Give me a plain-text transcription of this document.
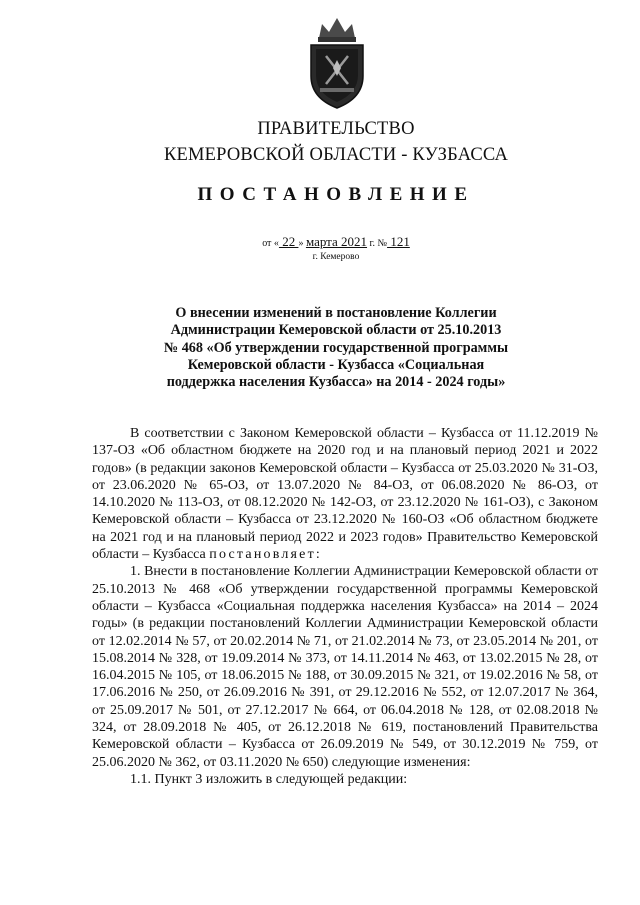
ПРАВИТЕЛЬСТВО
КЕМЕРОВСКОЙ ОБЛАСТИ - КУЗБАССА
ПОСТАНОВЛЕНИЕ
от « 22 » марта 2021 г. № 121
г. Кемерово
О внесении изменений в постановление Коллегии
Администрации Кемеровской области от 25.10.2013
№ 468 «Об утверждении государственной программы
Кемеровской области - Кузбасса «Социальная
поддержка населения Кузбасса» на 2014 - 2024 годы»

В соответствии с Законом Кемеровской области – Кузбасса от 11.12.2019 № 137-ОЗ «Об областном бюджете на 2020 год и на плановый период 2021 и 2022 годов» (в редакции законов Кемеровской области – Кузбасса от 25.03.2020 № 31-ОЗ, от 23.06.2020 № 65-ОЗ, от 13.07.2020 № 84-ОЗ, от 06.08.2020 № 86-ОЗ, от 14.10.2020 № 113-ОЗ, от 08.12.2020 № 142-ОЗ, от 23.12.2020 № 161-ОЗ), с Законом Кемеровской области – Кузбасса от 23.12.2020 № 160-ОЗ «Об областном бюджете на 2021 год и на плановый период 2022 и 2023 годов» Правительство Кемеровской области – Кузбасса постановляет:

1. Внести в постановление Коллегии Администрации Кемеровской области от 25.10.2013 № 468 «Об утверждении государственной программы Кемеровской области – Кузбасса «Социальная поддержка населения Кузбасса» на 2014 – 2024 годы» (в редакции постановлений Коллегии Администрации Кемеровской области от 12.02.2014 № 57, от 20.02.2014 № 71, от 21.02.2014 № 73, от 23.05.2014 № 201, от 15.08.2014 № 328, от 19.09.2014 № 373, от 14.11.2014 № 463, от 13.02.2015 № 28, от 16.04.2015 № 105, от 18.06.2015 № 188, от 30.09.2015 № 321, от 19.02.2016 № 58, от 17.06.2016 № 250, от 26.09.2016 № 391, от 29.12.2016 № 552, от 12.07.2017 № 364, от 25.09.2017 № 501, от 27.12.2017 № 664, от 06.04.2018 № 128, от 02.08.2018 № 324, от 28.09.2018 № 405, от 26.12.2018 № 619, постановлений Правительства Кемеровской области – Кузбасса от 26.09.2019 № 549, от 30.12.2019 № 759, от 25.06.2020 № 362, от 03.11.2020 № 650) следующие изменения:

1.1. Пункт 3 изложить в следующей редакции:
